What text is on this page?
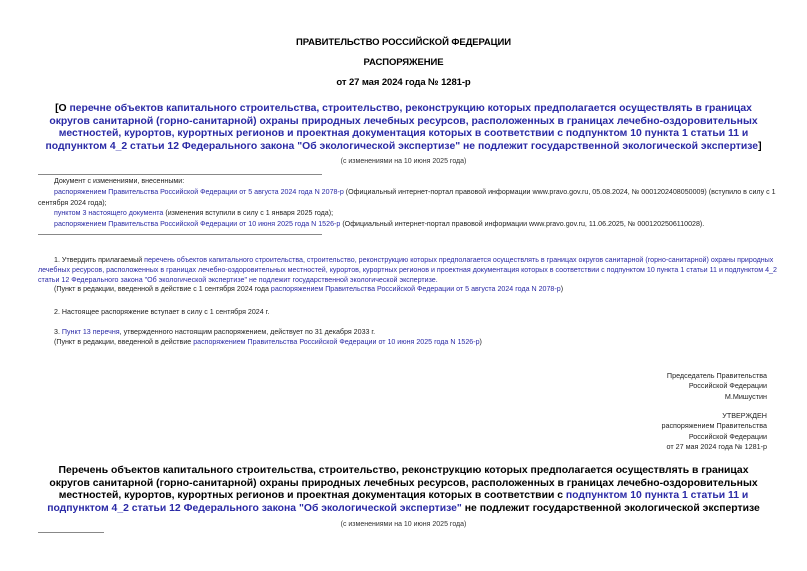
ПРАВИТЕЛЬСТВО РОССИЙСКОЙ ФЕДЕРАЦИИ
РАСПОРЯЖЕНИЕ
от 27 мая 2024 года № 1281-р
[О перечне объектов капитального строительства, строительство, реконструкцию которых предполагается осуществлять в границах округов санитарной (горно-санитарной) охраны природных лечебных ресурсов, расположенных в границах лечебно-оздоровительных местностей, курортов, курортных регионов и проектная документация которых в соответствии с подпунктом 10 пункта 1 статьи 11 и подпунктом 4_2 статьи 12 Федерального закона "Об экологической экспертизе" не подлежит государственной экологической экспертизе]
(с изменениями на 10 июня 2025 года)

Документ с изменениями, внесенными:

распоряжением Правительства Российской Федерации от 5 августа 2024 года N 2078-р (Официальный интернет-портал правовой информации www.pravo.gov.ru, 05.08.2024, № 0001202408050009) (вступило в силу с 1 сентября 2024 года);

пунктом 3 настоящего документа (изменения вступили в силу с 1 января 2025 года);

распоряжением Правительства Российской Федерации от 10 июня 2025 года N 1526-р (Официальный интернет-портал правовой информации www.pravo.gov.ru, 11.06.2025, № 0001202506110028).

1. Утвердить прилагаемый перечень объектов капитального строительства, строительство, реконструкцию которых предполагается осуществлять в границах округов санитарной (горно-санитарной) охраны природных лечебных ресурсов, расположенных в границах лечебно-оздоровительных местностей, курортов, курортных регионов и проектная документация которых в соответствии с подпунктом 10 пункта 1 статьи 11 и подпунктом 4_2 статьи 12 Федерального закона "Об экологической экспертизе" не подлежит государственной экологической экспертизе.

(Пункт в редакции, введенной в действие с 1 сентября 2024 года распоряжением Правительства Российской Федерации от 5 августа 2024 года N 2078-р)

2. Настоящее распоряжение вступает в силу с 1 сентября 2024 г.

3. Пункт 13 перечня, утвержденного настоящим распоряжением, действует по 31 декабря 2033 г.

(Пункт в редакции, введенной в действие распоряжением Правительства Российской Федерации от 10 июня 2025 года N 1526-р)

Председатель Правительства
Российской Федерации
М.Мишустин
УТВЕРЖДЕН
распоряжением Правительства
Российской Федерации
от 27 мая 2024 года № 1281-р
Перечень объектов капитального строительства, строительство, реконструкцию которых предполагается осуществлять в границах округов санитарной (горно-санитарной) охраны природных лечебных ресурсов, расположенных в границах лечебно-оздоровительных местностей, курортов, курортных регионов и проектная документация которых в соответствии с подпунктом 10 пункта 1 статьи 11 и подпунктом 4_2 статьи 12 Федерального закона "Об экологической экспертизе" не подлежит государственной экологической экспертизе
(с изменениями на 10 июня 2025 года)
